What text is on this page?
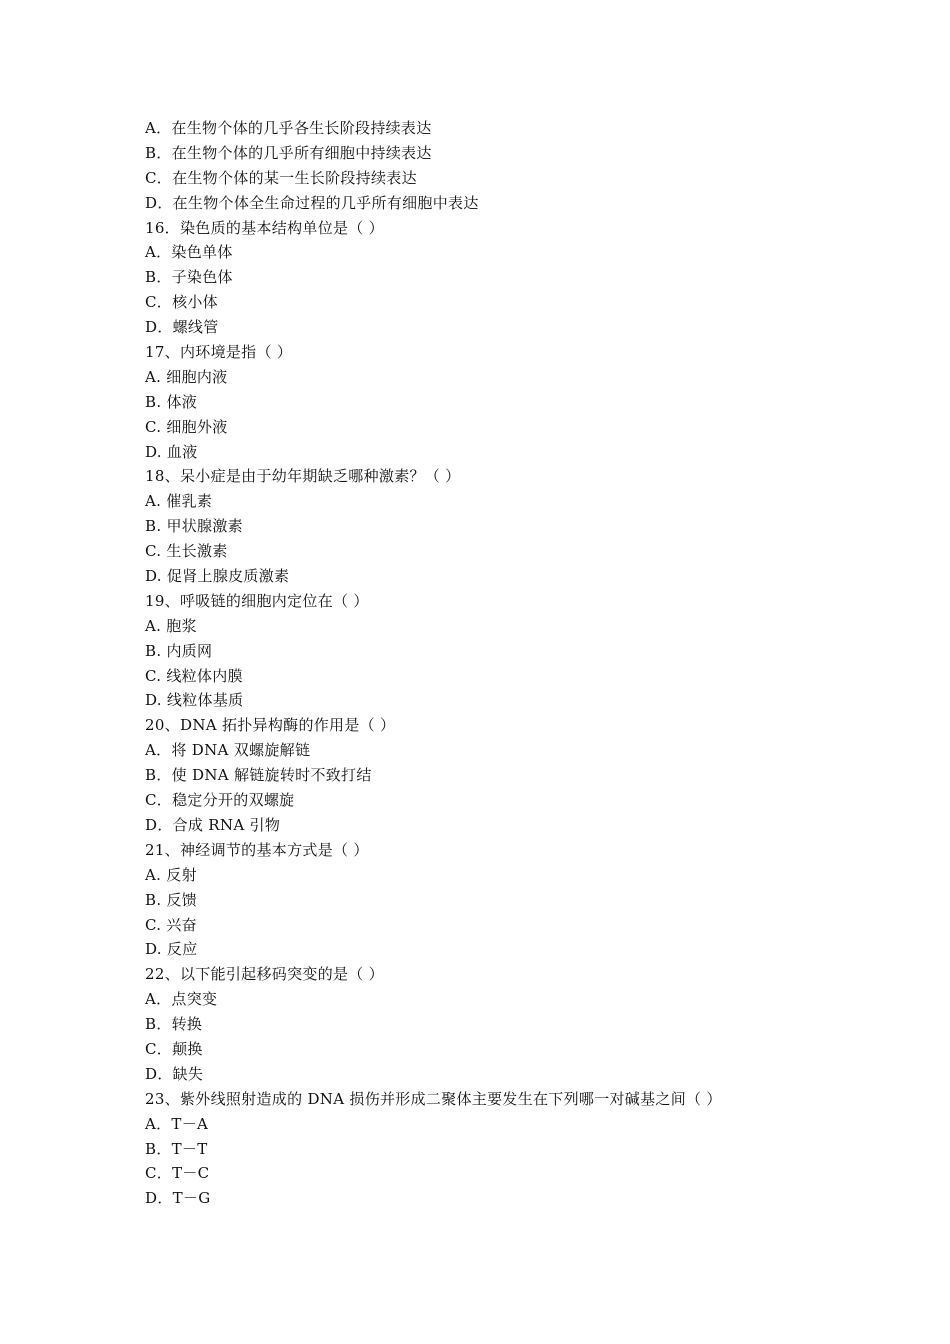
A．在生物个体的几乎各生长阶段持续表达
B．在生物个体的几乎所有细胞中持续表达
C．在生物个体的某一生长阶段持续表达
D．在生物个体全生命过程的几乎所有细胞中表达
16．染色质的基本结构单位是（ ）
A．染色单体
B．子染色体
C．核小体
D．螺线管
17、内环境是指（ ）
A. 细胞内液
B. 体液
C. 细胞外液
D. 血液
18、呆小症是由于幼年期缺乏哪种激素？（ ）
A. 催乳素
B. 甲状腺激素
C. 生长激素
D. 促肾上腺皮质激素
19、呼吸链的细胞内定位在（ ）
A. 胞浆
B. 内质网
C. 线粒体内膜
D. 线粒体基质
20、DNA 拓扑异构酶的作用是（ ）
A．将 DNA 双螺旋解链
B．使 DNA 解链旋转时不致打结
C．稳定分开的双螺旋
D．合成 RNA 引物
21、神经调节的基本方式是（ ）
A. 反射
B. 反馈
C. 兴奋
D. 反应
22、以下能引起移码突变的是（ ）
A．点突变
B．转换
C．颠换
D．缺失
23、紫外线照射造成的 DNA 损伤并形成二聚体主要发生在下列哪一对碱基之间（ ）
A．T－A
B．T－T
C．T－C
D．T－G
